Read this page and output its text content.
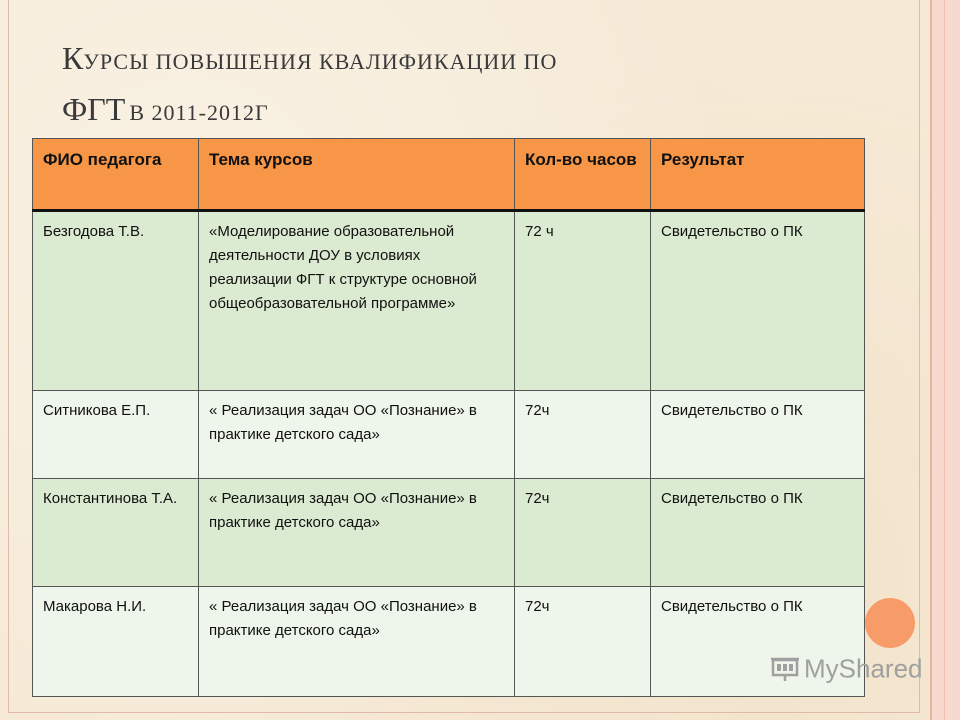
КУРСЫ ПОВЫШЕНИЯ КВАЛИФИКАЦИИ ПО
ФГТ В 2011-2012Г
ФИО педагога	Тема курсов	Кол-во часов	Результат
Безгодова Т.В.	«Моделирование образовательной деятельности ДОУ в условиях реализации ФГТ к структуре основной общеобразовательной программе»	72 ч	Свидетельство о ПК
Ситникова Е.П.	« Реализация задач ОО «Познание» в практике детского сада»	72ч	Свидетельство о ПК
Константинова Т.А.	« Реализация задач ОО «Познание» в практике детского сада»	72ч	Свидетельство о ПК
Макарова Н.И.	« Реализация задач ОО «Познание» в практике детского сада»	72ч	Свидетельство о ПК
MyShared
